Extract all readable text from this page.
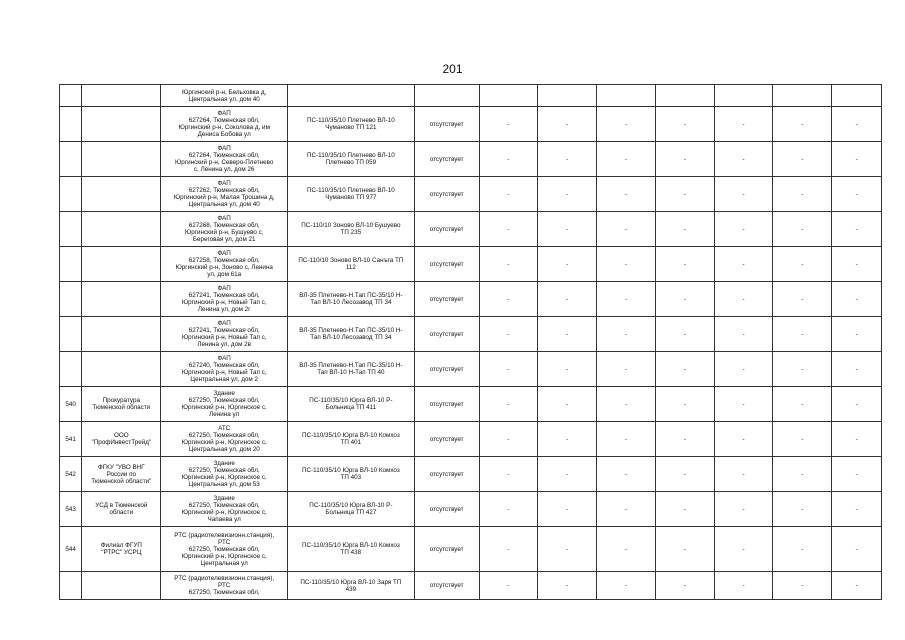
201
		Юргинский р-н, Бельховка д,
Центральная ул, дом 40									
		ФАП
627264, Тюменская обл,
Юргинский р-н, Соколова д, им
Дениса Бобова ул	ПС-110/35/10 Плетнево ВЛ-10
Чуманово ТП 121	отсутствует	-	-	-	-	-	-	-
		ФАП
627264, Тюменская обл,
Юргинский р-н, Северо-Плетнево
с, Ленина ул, дом 26	ПС-110/35/10 Плетнево ВЛ-10
Плетнево ТП 059	отсутствует	-	-	-	-	-	-	-
		ФАП
627262, Тюменская обл,
Юргинский р-н, Малая Трошина д,
Центральная ул, дом 40	ПС-110/35/10 Плетнево ВЛ-10
Чуманово ТП 977	отсутствует	-	-	-	-	-	-	-
		ФАП
627268, Тюменская обл,
Юргинский р-н, Бушуево с,
Береговая ул, дом 21	ПС-110/10 Зоново ВЛ-10 Бушуево
ТП 235	отсутствует	-	-	-	-	-	-	-
		ФАП
627258, Тюменская обл,
Юргинский р-н, Зоново с, Ленина
ул, дом 61а	ПС-110/10 Зоново ВЛ-10 Санъга ТП
112	отсутствует	-	-	-	-	-	-	-
		ФАП
627241, Тюменская обл,
Юргинский р-н, Новый Тап с,
Ленина ул, дом 2г	ВЛ-35 Плетнево-Н.Тап ПС-35/10 Н-
Тап ВЛ-10 Лесозавод ТП 34	отсутствует	-	-	-	-	-	-	-
		ФАП
627241, Тюменская обл,
Юргинский р-н, Новый Тап с,
Ленина ул, дом 2в	ВЛ-35 Плетнево-Н.Тап ПС-35/10 Н-
Тап ВЛ-10 Лесозавод ТП 34	отсутствует	-	-	-	-	-	-	-
		ФАП
627240, Тюменская обл,
Юргинский р-н, Новый Тап с,
Центральная ул, дом 2	ВЛ-35 Плетнево-Н.Тап ПС-35/10 Н-
Тап ВЛ-10 Н-Тап ТП 40	отсутствует	-	-	-	-	-	-	-
540	Прокуратура
Тюменской области	Здание
627250, Тюменская обл,
Юргинский р-н, Юргинское с,
Ленина ул	ПС-110/35/10 Юрга ВЛ-10 Р-
Больница ТП 411	отсутствует	-	-	-	-	-	-	-
541	ООО
"ПрофИнвестТрейд"	АТС
627250, Тюменская обл,
Юргинский р-н, Юргинское с,
Центральная ул, дом 20	ПС-110/35/10 Юрга ВЛ-10 Комхоз
ТП 401	отсутствует	-	-	-	-	-	-	-
542	ФГКУ "УВО ВНГ
России по
Тюменской области"	Здание
627250, Тюменская обл,
Юргинский р-н, Юргинское с,
Центральная ул, дом 53	ПС-110/35/10 Юрга ВЛ-10 Комхоз
ТП 403	отсутствует	-	-	-	-	-	-	-
543	УСД в Тюменской
области	Здание
627250, Тюменская обл,
Юргинский р-н, Юргинское с,
Чапаева ул	ПС-110/35/10 Юрга ВЛ-10 Р-
Больница ТП 427	отсутствует	-	-	-	-	-	-	-
544	Филиал ФГУП
"РТРС" УСРЦ	РТС (радиотелевизионн.станция),
РТС
627250, Тюменская обл,
Юргинский р-н, Юргинское с,
Центральная ул	ПС-110/35/10 Юрга ВЛ-10 Комхоз
ТП 438	отсутствует	-	-	-	-	-	-	-
		РТС (радиотелевизионн.станция),
РТС
627250, Тюменская обл,	ПС-110/35/10 Юрга ВЛ-10 Заря ТП
439	отсутствует	-	-	-	-	-	-	-
